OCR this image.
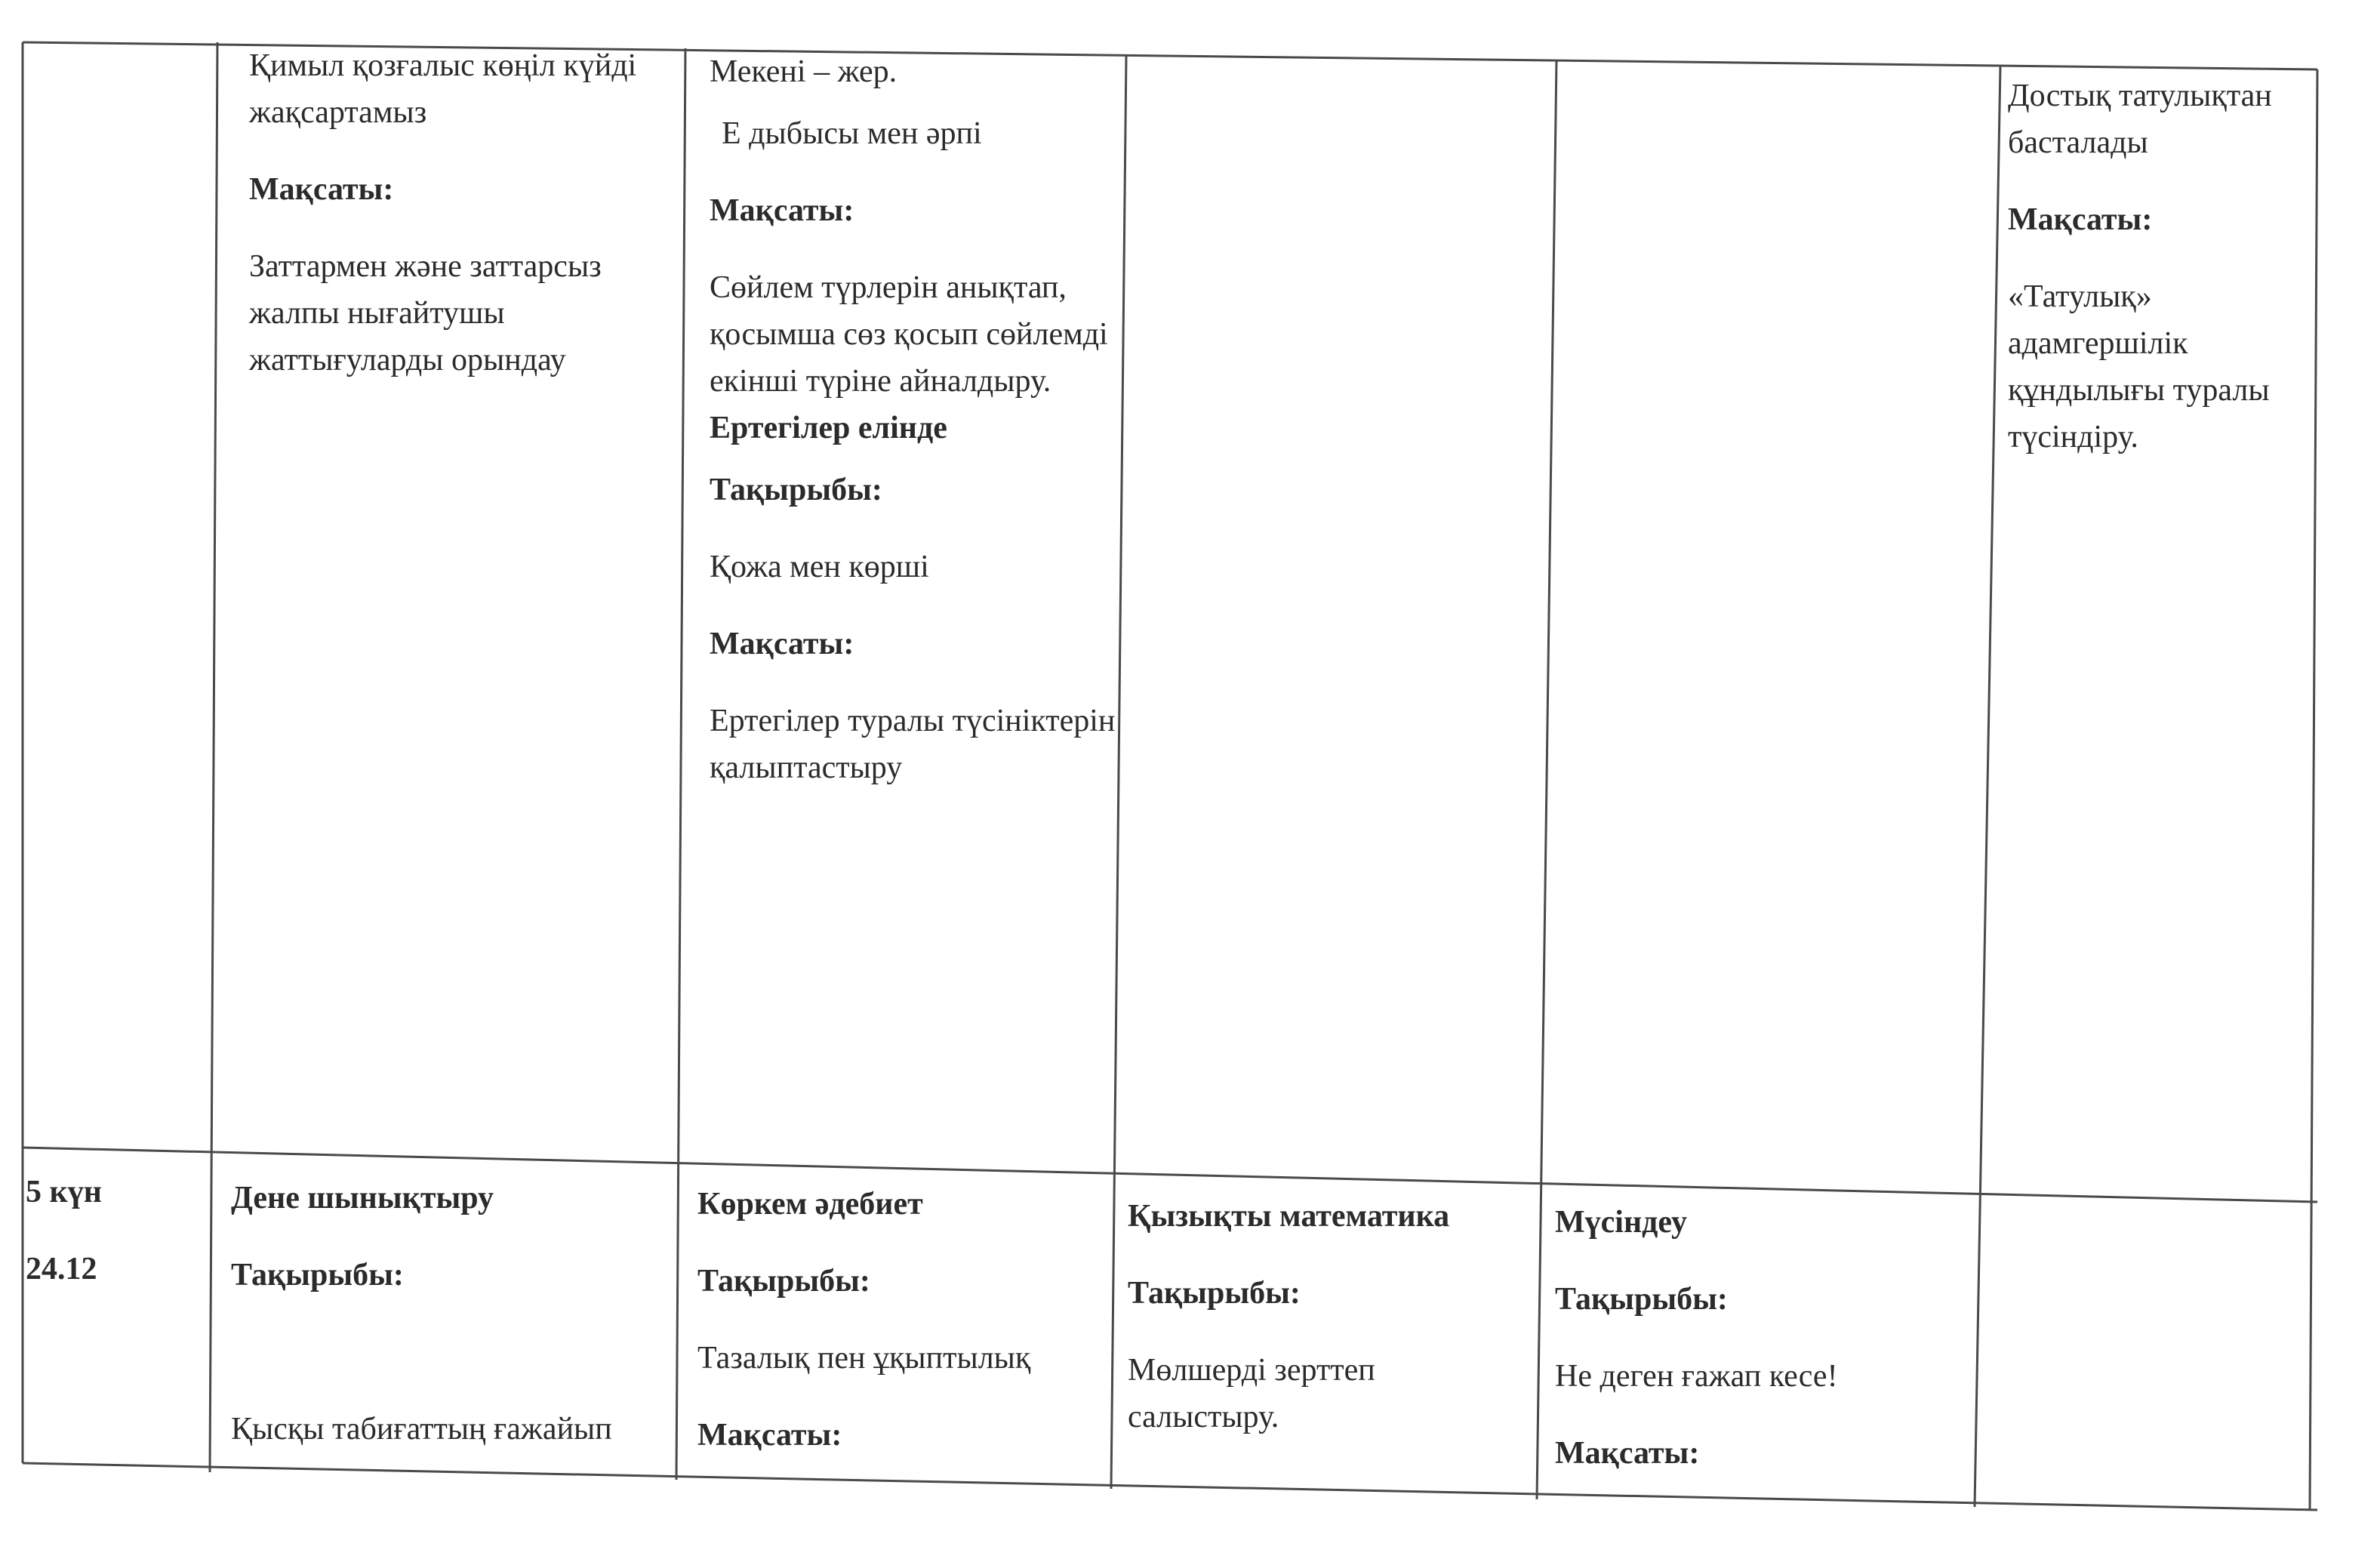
Қимыл қозғалыс көңіл күйді жақсартамыз

Мақсаты:

Заттармен және заттарсыз жалпы нығайтушы жаттығуларды орындау

Мекені – жер.

Е дыбысы мен әрпі

Мақсаты:

Сөйлем түрлерін анықтап, қосымша сөз қосып сөйлемді екінші түріне айналдыру. Ертегілер елінде

Тақырыбы:

Қожа мен көрші

Мақсаты:

Ертегілер туралы түсініктерін қалыптастыру

Достық татулықтан басталады

Мақсаты:

«Татулық» адамгершілік құндылығы туралы түсіндіру.

5 күн

24.12

Дене шынықтыру

Тақырыбы:

Қысқы табиғаттың ғажайып

Көркем әдебиет

Тақырыбы:

Тазалық пен ұқыптылық

Мақсаты:

Қызықты математика

Тақырыбы:

Мөлшерді зерттеп салыстыру.

Мүсіндеу

Тақырыбы:

Не деген ғажап кесе!

Мақсаты:
